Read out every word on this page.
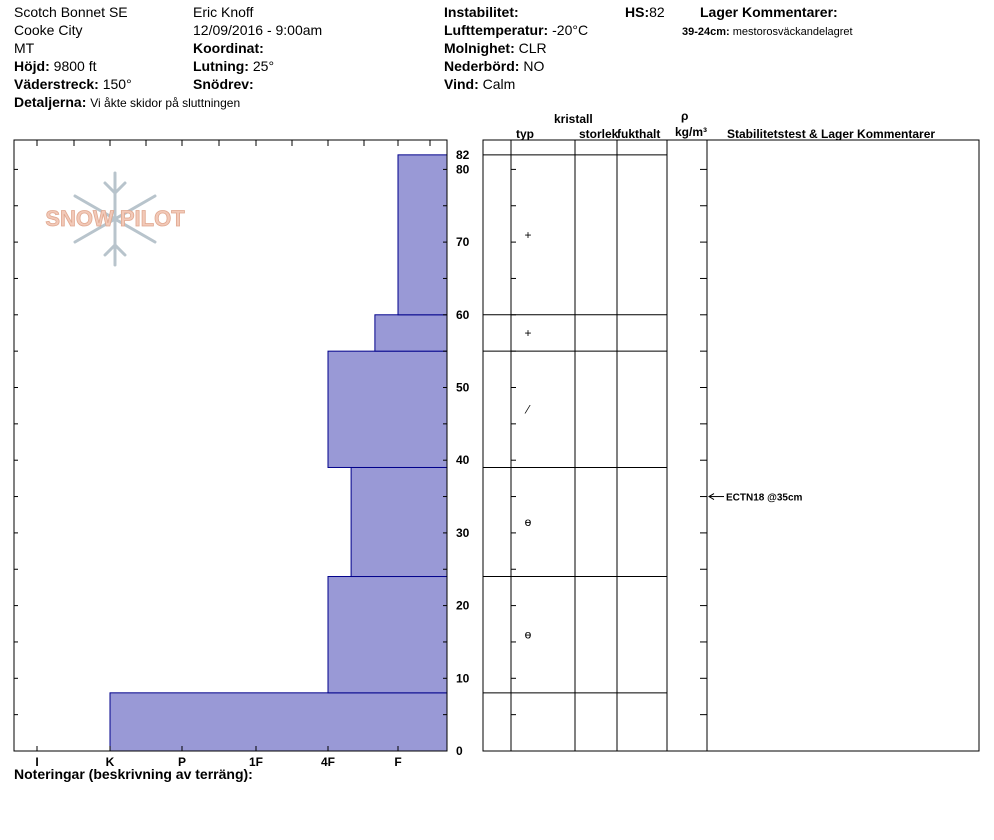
Scotch Bonnet SE
Cooke City
MT
Höjd: 9800 ft
Väderstreck: 150°
Detaljerna: Vi åkte skidor på sluttningen
Eric Knoff
12/09/2016 - 9:00am
Koordinat:
Lutning: 25°
Snödrev:
Instabilitet:
Lufttemperatur: -20°C
Molnighet: CLR
Nederbörd: NO
Vind: Calm
HS:82	Lager Kommentarer:
39-24cm: mestorosväckandelagret
kristall
typ	storlek
fukthalt
ρ
kg/m³ Stabilitetstest & Lager Kommentarer
SNOW PILOT
I	K	P	1F	4F	F
0
10
20
30
40
50
60
70
80
82
ɵ
ɵ
⁄
+
+
ECTN18 @35cm
Noteringar (beskrivning av terräng):
